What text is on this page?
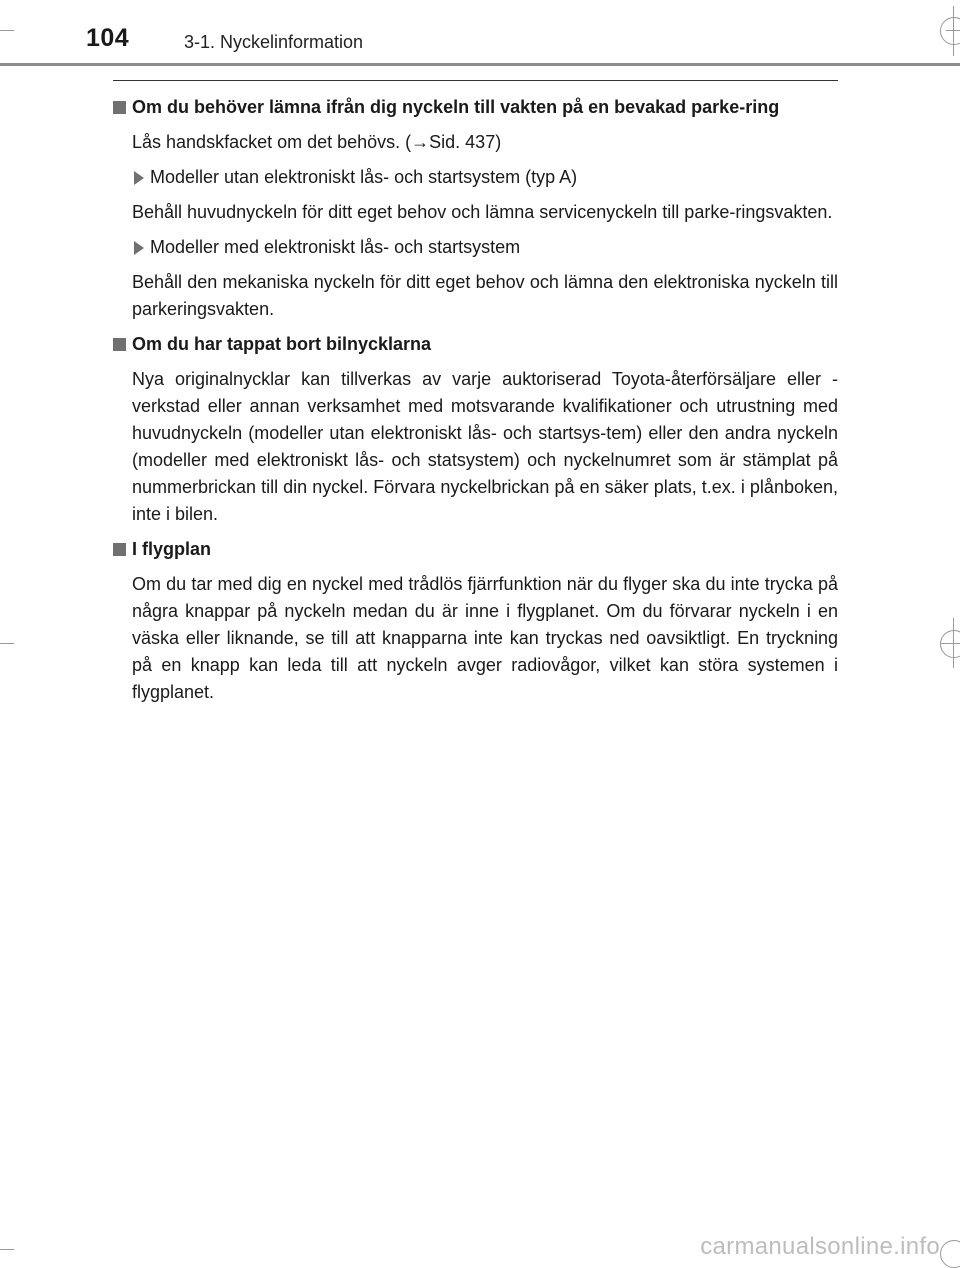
104	3-1. Nyckelinformation
Om du behöver lämna ifrån dig nyckeln till vakten på en bevakad parke-ring

Lås handskfacket om det behövs. (→Sid. 437)

Modeller utan elektroniskt lås- och startsystem (typ A)

Behåll huvudnyckeln för ditt eget behov och lämna servicenyckeln till parke-ringsvakten.

Modeller med elektroniskt lås- och startsystem

Behåll den mekaniska nyckeln för ditt eget behov och lämna den elektroniska nyckeln till parkeringsvakten.

Om du har tappat bort bilnycklarna

Nya originalnycklar kan tillverkas av varje auktoriserad Toyota-återförsäljare eller -verkstad eller annan verksamhet med motsvarande kvalifikationer och utrustning med huvudnyckeln (modeller utan elektroniskt lås- och startsys-tem) eller den andra nyckeln (modeller med elektroniskt lås- och statsystem) och nyckelnumret som är stämplat på nummerbrickan till din nyckel. Förvara nyckelbrickan på en säker plats, t.ex. i plånboken, inte i bilen.

I flygplan

Om du tar med dig en nyckel med trådlös fjärrfunktion när du flyger ska du inte trycka på några knappar på nyckeln medan du är inne i flygplanet. Om du förvarar nyckeln i en väska eller liknande, se till att knapparna inte kan tryckas ned oavsiktligt. En tryckning på en knapp kan leda till att nyckeln avger radiovågor, vilket kan störa systemen i flygplanet.

carmanualsonline.info
